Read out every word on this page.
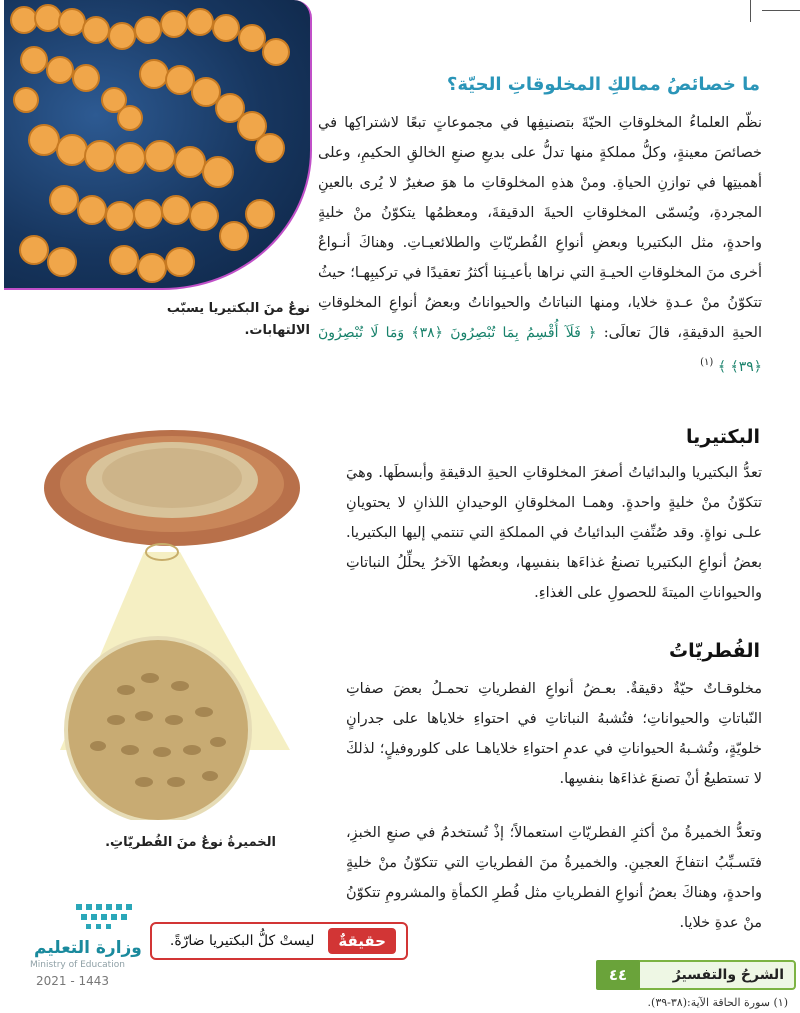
نوعٌ منَ البكتيريا يسبّب الالتهابات.
ما خصائصُ ممالكِ المخلوقاتِ الحيّة؟
نظّم العلماءُ المخلوقاتِ الحيّةَ بتصنيفِها في مجموعاتٍ تبعًا لاشتراكِها في خصائصَ معينةٍ، وكلُّ مملكةٍ منها تدلُّ على بديعِ صنعِ الخالقِ الحكيمِ، وعلى أهميتِها في توازنِ الحياةِ. ومنْ هذهِ المخلوقاتِ ما هوَ صغيرٌ لا يُرى بالعينِ المجردةِ، ويُسمّى المخلوقاتِ الحيةَ الدقيقةَ، ومعظمُها يتكوّنُ منْ خليةٍ واحدةٍ، مثل البكتيريا وبعضِ أنواعِ الفُطريّاتِ والطلائعيـاتِ. وهناكَ أنـواعٌ أخرى منَ المخلوقاتِ الحيـةِ التي نراها بأعيـنِنا أكثرُ تعقيدًا في تركيبِهـا؛ حيثُ تتكوّنُ منْ عـدةِ خلايا، ومنها النباتاتُ والحيواناتُ وبعضُ أنواعِ المخلوقاتِ الحيةِ الدقيقةِ، قالَ تعالَى: ﴿ فَلَآ أُقْسِمُ بِمَا تُبْصِرُونَ ﴿٣٨﴾ وَمَا لَا تُبْصِرُونَ ﴿٣٩﴾ ﴾ $^{(١)}$
الخميرةُ نوعٌ منَ الفُطريّاتِ.
البكتيريا
تعدُّ البكتيريا والبدائياتُ أصغرَ المخلوقاتِ الحيةِ الدقيقةِ وأبسطَها. وهيَ تتكوّنُ منْ خليةٍ واحدةٍ. وهمـا المخلوقانِ الوحيدانِ اللذانِ لا يحتويانِ علـى نواةٍ. وقد صُنِّفتِ البدائياتُ في المملكةِ التي تنتمي إليها البكتيريا. بعضُ أنواعِ البكتيريا تصنعُ غذاءَها بنفسِها، وبعضُها الآخرُ يحلِّلُ النباتاتِ والحيواناتِ الميتةَ للحصولِ على الغذاءِ.
الفُطريّاتُ
مخلوقـاتٌ حيّةٌ دقيقةٌ. بعـضُ أنواعِ الفطرياتِ تحمـلُ بعضَ صفاتِ النّباتاتِ والحيواناتِ؛ فتُشبهُ النباتاتِ في احتواءِ خلاياها على جدرانٍ خلويّةٍ، وتُشـبهُ الحيواناتِ في عدمِ احتواءِ خلاياهـا على كلوروفيلٍ؛ لذلكَ لا تستطيعُ أنْ تصنعَ غذاءَها بنفسِها.
وتعدُّ الخميرةُ منْ أكثرِ الفطريّاتِ استعمالاً؛ إذْ تُستخدمُ في صنعِ الخبزِ، فتَسـبِّبُ انتفاخَ العجينِ. والخميرةُ منَ الفطرياتِ التي تتكوّنُ منْ خليةٍ واحدةٍ، وهناكَ بعضُ أنواعِ الفطرياتِ مثل فُطرِ الكمأةِ والمشرومِ تتكوّنُ منْ عدةِ خلايا.
وزارة التعليم
Ministry of Education
2021 - 1443
حقيقةٌ
ليستْ كلُّ البكتيريا ضارّةً.
الشرحُ والتفسيرُ
٤٤
(١) سورة الحاقة الآية:(٣٨-٣٩).
